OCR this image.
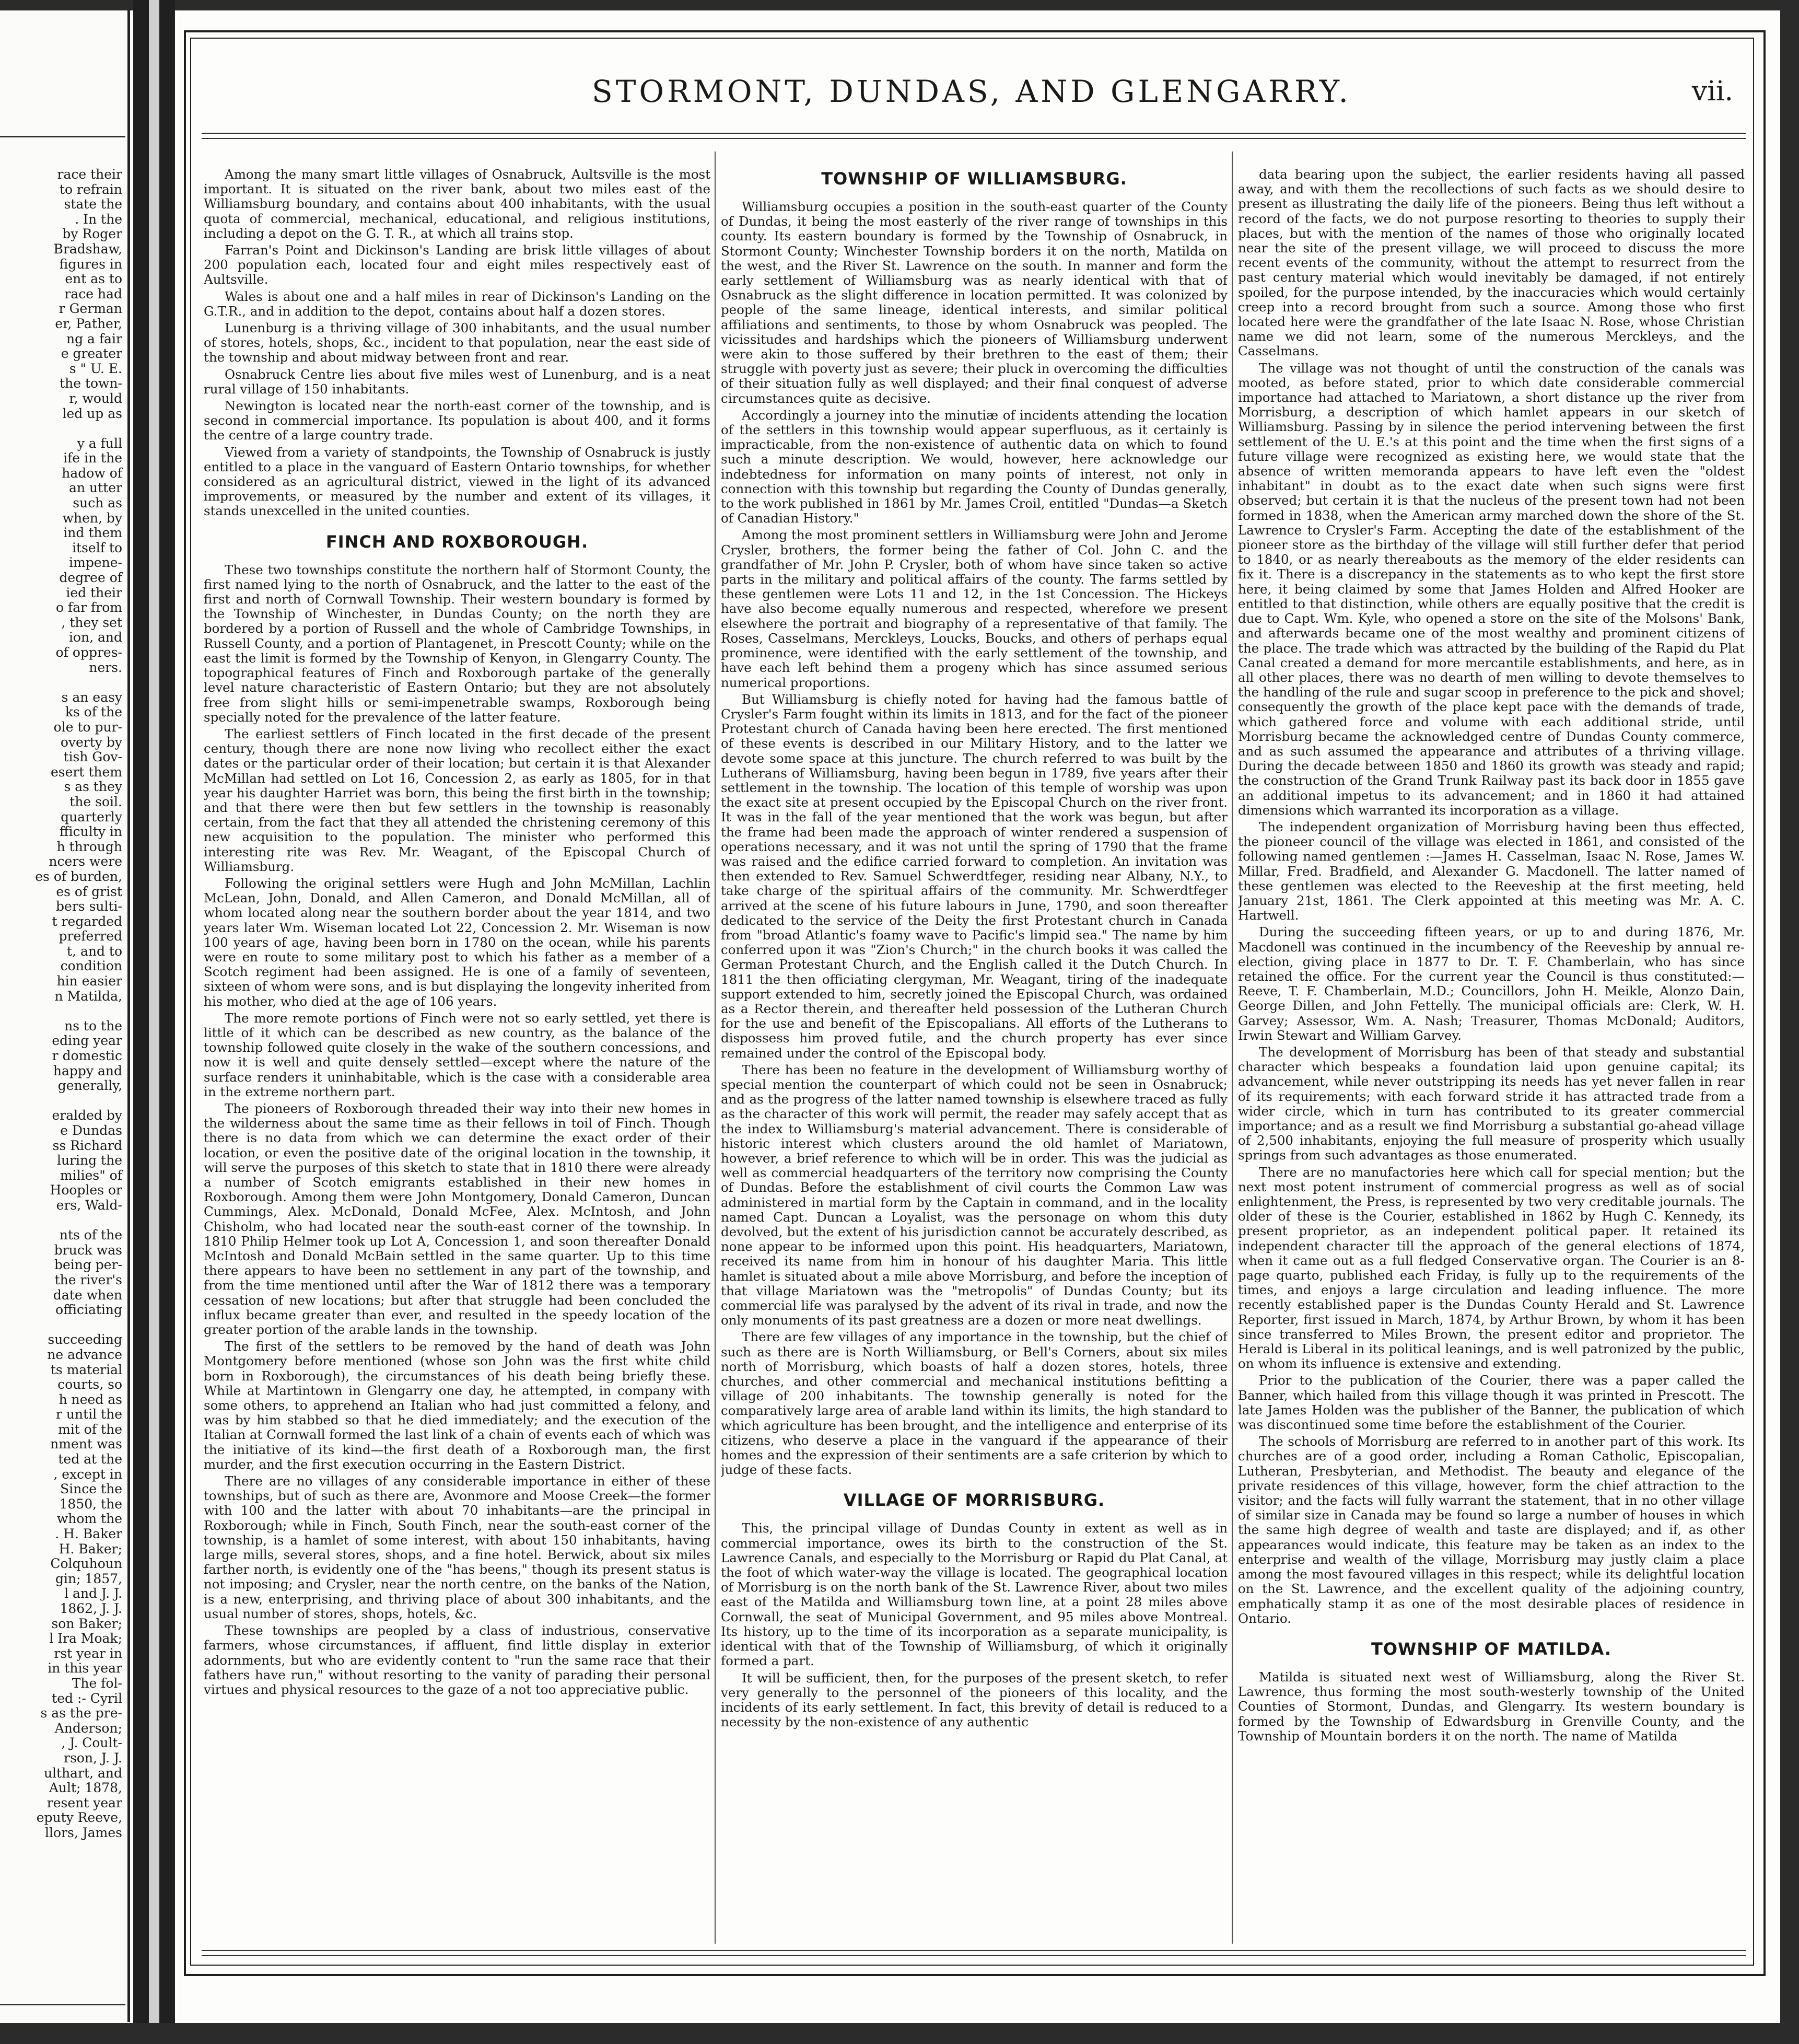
race their
to refrain
state the
. In the
by Roger
Bradshaw,
figures in
ent as to
race had
r German
er, Pather,
ng a fair
e greater
s " U. E.
the town-
r, would
led up as
y a full
ife in the
hadow of
an utter
such as
when, by
ind them
itself to
impene-
degree of
ied their
o far from
, they set
ion, and
of oppres-
ners.
s an easy
ks of the
ole to pur-
overty by
tish Gov-
esert them
s as they
the soil.
quarterly
fficulty in
h through
ncers were
es of burden,
es of grist
bers sulti-
t regarded
preferred
t, and to
condition
hin easier
n Matilda,
ns to the
eding year
r domestic
happy and
generally,
eralded by
e Dundas
ss Richard
luring the
milies" of
Hooples or
ers, Wald-
nts of the
bruck was
being per-
the river's
date when
officiating
succeeding
ne advance
ts material
courts, so
h need as
r until the
mit of the
nment was
ted at the
, except in
Since the
1850, the
whom the
. H. Baker
H. Baker;
Colquhoun
gin; 1857,
l and J. J.
1862, J. J.
son Baker;
l Ira Moak;
rst year in
in this year
The fol-
ted :- Cyril
s as the pre-
Anderson;
, J. Coult-
rson, J. J.
ulthart, and
Ault; 1878,
resent year
eputy Reeve,
llors, James
STORMONT, DUNDAS, AND GLENGARRY.	vii.

Among the many smart little villages of Osnabruck, Aultsville is the most important. It is situated on the river bank, about two miles east of the Williamsburg boundary, and contains about 400 inhabitants, with the usual quota of commercial, mechanical, educational, and religious institutions, including a depot on the G. T. R., at which all trains stop.

Farran's Point and Dickinson's Landing are brisk little villages of about 200 population each, located four and eight miles respectively east of Aultsville.

Wales is about one and a half miles in rear of Dickinson's Landing on the G.T.R., and in addition to the depot, contains about half a dozen stores.

Lunenburg is a thriving village of 300 inhabitants, and the usual number of stores, hotels, shops, &c., incident to that population, near the east side of the township and about midway between front and rear.

Osnabruck Centre lies about five miles west of Lunenburg, and is a neat rural village of 150 inhabitants.

Newington is located near the north-east corner of the township, and is second in commercial importance. Its population is about 400, and it forms the centre of a large country trade.

Viewed from a variety of standpoints, the Township of Osnabruck is justly entitled to a place in the vanguard of Eastern Ontario townships, for whether considered as an agricultural district, viewed in the light of its advanced improvements, or measured by the number and extent of its villages, it stands unexcelled in the united counties.

FINCH AND ROXBOROUGH.

These two townships constitute the northern half of Stormont County, the first named lying to the north of Osnabruck, and the latter to the east of the first and north of Cornwall Township. Their western boundary is formed by the Township of Winchester, in Dundas County; on the north they are bordered by a portion of Russell and the whole of Cambridge Townships, in Russell County, and a portion of Plantagenet, in Prescott County; while on the east the limit is formed by the Township of Kenyon, in Glengarry County. The topographical features of Finch and Roxborough partake of the generally level nature characteristic of Eastern Ontario; but they are not absolutely free from slight hills or semi-impenetrable swamps, Roxborough being specially noted for the prevalence of the latter feature.

The earliest settlers of Finch located in the first decade of the present century, though there are none now living who recollect either the exact dates or the particular order of their location; but certain it is that Alexander McMillan had settled on Lot 16, Concession 2, as early as 1805, for in that year his daughter Harriet was born, this being the first birth in the township; and that there were then but few settlers in the township is reasonably certain, from the fact that they all attended the christening ceremony of this new acquisition to the population. The minister who performed this interesting rite was Rev. Mr. Weagant, of the Episcopal Church of Williamsburg.

Following the original settlers were Hugh and John McMillan, Lachlin McLean, John, Donald, and Allen Cameron, and Donald McMillan, all of whom located along near the southern border about the year 1814, and two years later Wm. Wiseman located Lot 22, Concession 2. Mr. Wiseman is now 100 years of age, having been born in 1780 on the ocean, while his parents were en route to some military post to which his father as a member of a Scotch regiment had been assigned. He is one of a family of seventeen, sixteen of whom were sons, and is but displaying the longevity inherited from his mother, who died at the age of 106 years.

The more remote portions of Finch were not so early settled, yet there is little of it which can be described as new country, as the balance of the township followed quite closely in the wake of the southern concessions, and now it is well and quite densely settled—except where the nature of the surface renders it uninhabitable, which is the case with a considerable area in the extreme northern part.

The pioneers of Roxborough threaded their way into their new homes in the wilderness about the same time as their fellows in toil of Finch. Though there is no data from which we can determine the exact order of their location, or even the positive date of the original location in the township, it will serve the purposes of this sketch to state that in 1810 there were already a number of Scotch emigrants established in their new homes in Roxborough. Among them were John Montgomery, Donald Cameron, Duncan Cummings, Alex. McDonald, Donald McFee, Alex. McIntosh, and John Chisholm, who had located near the south-east corner of the township. In 1810 Philip Helmer took up Lot A, Concession 1, and soon thereafter Donald McIntosh and Donald McBain settled in the same quarter. Up to this time there appears to have been no settlement in any part of the township, and from the time mentioned until after the War of 1812 there was a temporary cessation of new locations; but after that struggle had been concluded the influx became greater than ever, and resulted in the speedy location of the greater portion of the arable lands in the township.

The first of the settlers to be removed by the hand of death was John Montgomery before mentioned (whose son John was the first white child born in Roxborough), the circumstances of his death being briefly these. While at Martintown in Glengarry one day, he attempted, in company with some others, to apprehend an Italian who had just committed a felony, and was by him stabbed so that he died immediately; and the execution of the Italian at Cornwall formed the last link of a chain of events each of which was the initiative of its kind—the first death of a Roxborough man, the first murder, and the first execution occurring in the Eastern District.

There are no villages of any considerable importance in either of these townships, but of such as there are, Avonmore and Moose Creek—the former with 100 and the latter with about 70 inhabitants—are the principal in Roxborough; while in Finch, South Finch, near the south-east corner of the township, is a hamlet of some interest, with about 150 inhabitants, having large mills, several stores, shops, and a fine hotel. Berwick, about six miles farther north, is evidently one of the "has beens," though its present status is not imposing; and Crysler, near the north centre, on the banks of the Nation, is a new, enterprising, and thriving place of about 300 inhabitants, and the usual number of stores, shops, hotels, &c.

These townships are peopled by a class of industrious, conservative farmers, whose circumstances, if affluent, find little display in exterior adornments, but who are evidently content to "run the same race that their fathers have run," without resorting to the vanity of parading their personal virtues and physical resources to the gaze of a not too appreciative public.

TOWNSHIP OF WILLIAMSBURG.

Williamsburg occupies a position in the south-east quarter of the County of Dundas, it being the most easterly of the river range of townships in this county. Its eastern boundary is formed by the Township of Osnabruck, in Stormont County; Winchester Township borders it on the north, Matilda on the west, and the River St. Lawrence on the south. In manner and form the early settlement of Williamsburg was as nearly identical with that of Osnabruck as the slight difference in location permitted. It was colonized by people of the same lineage, identical interests, and similar political affiliations and sentiments, to those by whom Osnabruck was peopled. The vicissitudes and hardships which the pioneers of Williamsburg underwent were akin to those suffered by their brethren to the east of them; their struggle with poverty just as severe; their pluck in overcoming the difficulties of their situation fully as well displayed; and their final conquest of adverse circumstances quite as decisive.

Accordingly a journey into the minutiæ of incidents attending the location of the settlers in this township would appear superfluous, as it certainly is impracticable, from the non-existence of authentic data on which to found such a minute description. We would, however, here acknowledge our indebtedness for information on many points of interest, not only in connection with this township but regarding the County of Dundas generally, to the work published in 1861 by Mr. James Croil, entitled "Dundas—a Sketch of Canadian History."

Among the most prominent settlers in Williamsburg were John and Jerome Crysler, brothers, the former being the father of Col. John C. and the grandfather of Mr. John P. Crysler, both of whom have since taken so active parts in the military and political affairs of the county. The farms settled by these gentlemen were Lots 11 and 12, in the 1st Concession. The Hickeys have also become equally numerous and respected, wherefore we present elsewhere the portrait and biography of a representative of that family. The Roses, Casselmans, Merckleys, Loucks, Boucks, and others of perhaps equal prominence, were identified with the early settlement of the township, and have each left behind them a progeny which has since assumed serious numerical proportions.

But Williamsburg is chiefly noted for having had the famous battle of Crysler's Farm fought within its limits in 1813, and for the fact of the pioneer Protestant church of Canada having been here erected. The first mentioned of these events is described in our Military History, and to the latter we devote some space at this juncture. The church referred to was built by the Lutherans of Williamsburg, having been begun in 1789, five years after their settlement in the township. The location of this temple of worship was upon the exact site at present occupied by the Episcopal Church on the river front. It was in the fall of the year mentioned that the work was begun, but after the frame had been made the approach of winter rendered a suspension of operations necessary, and it was not until the spring of 1790 that the frame was raised and the edifice carried forward to completion. An invitation was then extended to Rev. Samuel Schwerdtfeger, residing near Albany, N.Y., to take charge of the spiritual affairs of the community. Mr. Schwerdtfeger arrived at the scene of his future labours in June, 1790, and soon thereafter dedicated to the service of the Deity the first Protestant church in Canada from "broad Atlantic's foamy wave to Pacific's limpid sea." The name by him conferred upon it was "Zion's Church;" in the church books it was called the German Protestant Church, and the English called it the Dutch Church. In 1811 the then officiating clergyman, Mr. Weagant, tiring of the inadequate support extended to him, secretly joined the Episcopal Church, was ordained as a Rector therein, and thereafter held possession of the Lutheran Church for the use and benefit of the Episcopalians. All efforts of the Lutherans to dispossess him proved futile, and the church property has ever since remained under the control of the Episcopal body.

There has been no feature in the development of Williamsburg worthy of special mention the counterpart of which could not be seen in Osnabruck; and as the progress of the latter named township is elsewhere traced as fully as the character of this work will permit, the reader may safely accept that as the index to Williamsburg's material advancement. There is considerable of historic interest which clusters around the old hamlet of Mariatown, however, a brief reference to which will be in order. This was the judicial as well as commercial headquarters of the territory now comprising the County of Dundas. Before the establishment of civil courts the Common Law was administered in martial form by the Captain in command, and in the locality named Capt. Duncan a Loyalist, was the personage on whom this duty devolved, but the extent of his jurisdiction cannot be accurately described, as none appear to be informed upon this point. His headquarters, Mariatown, received its name from him in honour of his daughter Maria. This little hamlet is situated about a mile above Morrisburg, and before the inception of that village Mariatown was the "metropolis" of Dundas County; but its commercial life was paralysed by the advent of its rival in trade, and now the only monuments of its past greatness are a dozen or more neat dwellings.

There are few villages of any importance in the township, but the chief of such as there are is North Williamsburg, or Bell's Corners, about six miles north of Morrisburg, which boasts of half a dozen stores, hotels, three churches, and other commercial and mechanical institutions befitting a village of 200 inhabitants. The township generally is noted for the comparatively large area of arable land within its limits, the high standard to which agriculture has been brought, and the intelligence and enterprise of its citizens, who deserve a place in the vanguard if the appearance of their homes and the expression of their sentiments are a safe criterion by which to judge of these facts.

VILLAGE OF MORRISBURG.

This, the principal village of Dundas County in extent as well as in commercial importance, owes its birth to the construction of the St. Lawrence Canals, and especially to the Morrisburg or Rapid du Plat Canal, at the foot of which water-way the village is located. The geographical location of Morrisburg is on the north bank of the St. Lawrence River, about two miles east of the Matilda and Williamsburg town line, at a point 28 miles above Cornwall, the seat of Municipal Government, and 95 miles above Montreal. Its history, up to the time of its incorporation as a separate municipality, is identical with that of the Township of Williamsburg, of which it originally formed a part.

It will be sufficient, then, for the purposes of the present sketch, to refer very generally to the personnel of the pioneers of this locality, and the incidents of its early settlement. In fact, this brevity of detail is reduced to a necessity by the non-existence of any authentic

data bearing upon the subject, the earlier residents having all passed away, and with them the recollections of such facts as we should desire to present as illustrating the daily life of the pioneers. Being thus left without a record of the facts, we do not purpose resorting to theories to supply their places, but with the mention of the names of those who originally located near the site of the present village, we will proceed to discuss the more recent events of the community, without the attempt to resurrect from the past century material which would inevitably be damaged, if not entirely spoiled, for the purpose intended, by the inaccuracies which would certainly creep into a record brought from such a source. Among those who first located here were the grandfather of the late Isaac N. Rose, whose Christian name we did not learn, some of the numerous Merckleys, and the Casselmans.

The village was not thought of until the construction of the canals was mooted, as before stated, prior to which date considerable commercial importance had attached to Mariatown, a short distance up the river from Morrisburg, a description of which hamlet appears in our sketch of Williamsburg. Passing by in silence the period intervening between the first settlement of the U. E.'s at this point and the time when the first signs of a future village were recognized as existing here, we would state that the absence of written memoranda appears to have left even the "oldest inhabitant" in doubt as to the exact date when such signs were first observed; but certain it is that the nucleus of the present town had not been formed in 1838, when the American army marched down the shore of the St. Lawrence to Crysler's Farm. Accepting the date of the establishment of the pioneer store as the birthday of the village will still further defer that period to 1840, or as nearly thereabouts as the memory of the elder residents can fix it. There is a discrepancy in the statements as to who kept the first store here, it being claimed by some that James Holden and Alfred Hooker are entitled to that distinction, while others are equally positive that the credit is due to Capt. Wm. Kyle, who opened a store on the site of the Molsons' Bank, and afterwards became one of the most wealthy and prominent citizens of the place. The trade which was attracted by the building of the Rapid du Plat Canal created a demand for more mercantile establishments, and here, as in all other places, there was no dearth of men willing to devote themselves to the handling of the rule and sugar scoop in preference to the pick and shovel; consequently the growth of the place kept pace with the demands of trade, which gathered force and volume with each additional stride, until Morrisburg became the acknowledged centre of Dundas County commerce, and as such assumed the appearance and attributes of a thriving village. During the decade between 1850 and 1860 its growth was steady and rapid; the construction of the Grand Trunk Railway past its back door in 1855 gave an additional impetus to its advancement; and in 1860 it had attained dimensions which warranted its incorporation as a village.

The independent organization of Morrisburg having been thus effected, the pioneer council of the village was elected in 1861, and consisted of the following named gentlemen :—James H. Casselman, Isaac N. Rose, James W. Millar, Fred. Bradfield, and Alexander G. Macdonell. The latter named of these gentlemen was elected to the Reeveship at the first meeting, held January 21st, 1861. The Clerk appointed at this meeting was Mr. A. C. Hartwell.

During the succeeding fifteen years, or up to and during 1876, Mr. Macdonell was continued in the incumbency of the Reeveship by annual re-election, giving place in 1877 to Dr. T. F. Chamberlain, who has since retained the office. For the current year the Council is thus constituted:—Reeve, T. F. Chamberlain, M.D.; Councillors, John H. Meikle, Alonzo Dain, George Dillen, and John Fettelly. The municipal officials are: Clerk, W. H. Garvey; Assessor, Wm. A. Nash; Treasurer, Thomas McDonald; Auditors, Irwin Stewart and William Garvey.

The development of Morrisburg has been of that steady and substantial character which bespeaks a foundation laid upon genuine capital; its advancement, while never outstripping its needs has yet never fallen in rear of its requirements; with each forward stride it has attracted trade from a wider circle, which in turn has contributed to its greater commercial importance; and as a result we find Morrisburg a substantial go-ahead village of 2,500 inhabitants, enjoying the full measure of prosperity which usually springs from such advantages as those enumerated.

There are no manufactories here which call for special mention; but the next most potent instrument of commercial progress as well as of social enlightenment, the Press, is represented by two very creditable journals. The older of these is the Courier, established in 1862 by Hugh C. Kennedy, its present proprietor, as an independent political paper. It retained its independent character till the approach of the general elections of 1874, when it came out as a full fledged Conservative organ. The Courier is an 8-page quarto, published each Friday, is fully up to the requirements of the times, and enjoys a large circulation and leading influence. The more recently established paper is the Dundas County Herald and St. Lawrence Reporter, first issued in March, 1874, by Arthur Brown, by whom it has been since transferred to Miles Brown, the present editor and proprietor. The Herald is Liberal in its political leanings, and is well patronized by the public, on whom its influence is extensive and extending.

Prior to the publication of the Courier, there was a paper called the Banner, which hailed from this village though it was printed in Prescott. The late James Holden was the publisher of the Banner, the publication of which was discontinued some time before the establishment of the Courier.

The schools of Morrisburg are referred to in another part of this work. Its churches are of a good order, including a Roman Catholic, Episcopalian, Lutheran, Presbyterian, and Methodist. The beauty and elegance of the private residences of this village, however, form the chief attraction to the visitor; and the facts will fully warrant the statement, that in no other village of similar size in Canada may be found so large a number of houses in which the same high degree of wealth and taste are displayed; and if, as other appearances would indicate, this feature may be taken as an index to the enterprise and wealth of the village, Morrisburg may justly claim a place among the most favoured villages in this respect; while its delightful location on the St. Lawrence, and the excellent quality of the adjoining country, emphatically stamp it as one of the most desirable places of residence in Ontario.

TOWNSHIP OF MATILDA.

Matilda is situated next west of Williamsburg, along the River St. Lawrence, thus forming the most south-westerly township of the United Counties of Stormont, Dundas, and Glengarry. Its western boundary is formed by the Township of Edwardsburg in Grenville County, and the Township of Mountain borders it on the north. The name of Matilda
